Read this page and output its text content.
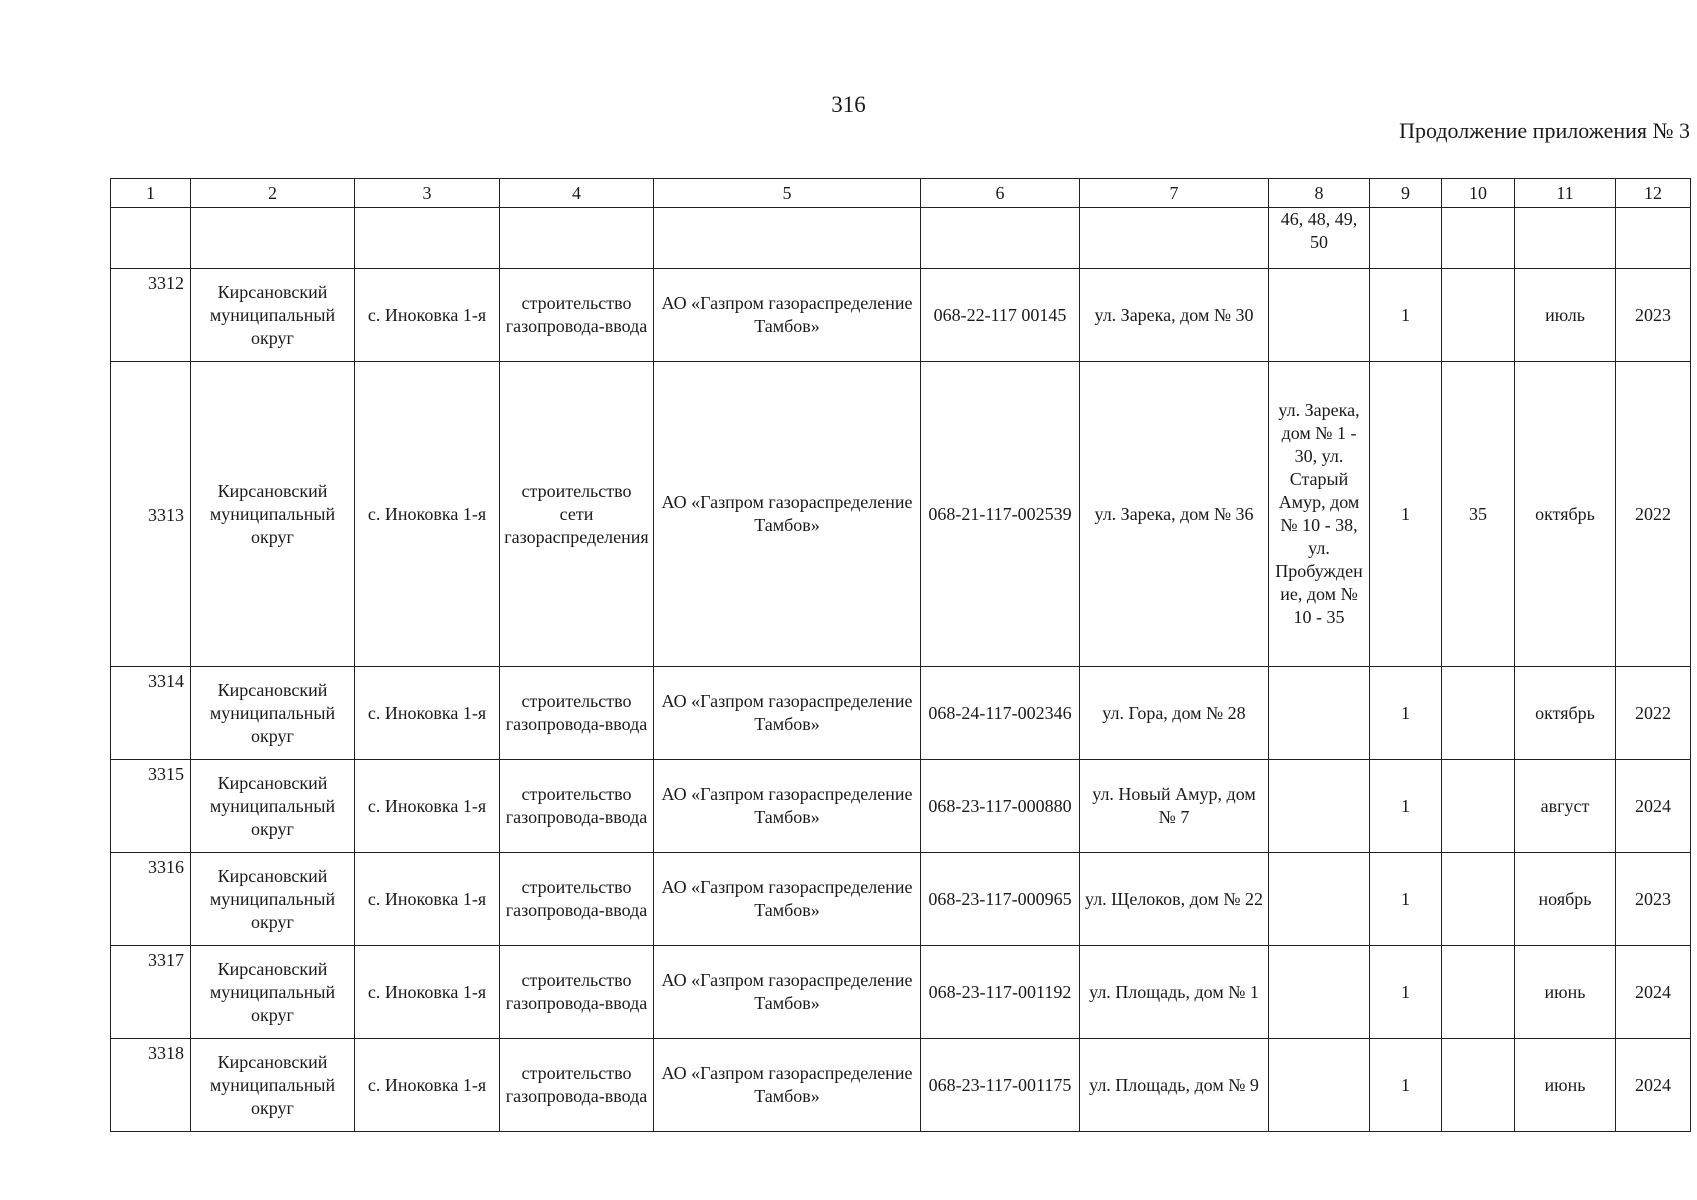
316
Продолжение приложения № 3
1	2	3	4	5	6	7	8	9	10	11	12
							46, 48, 49, 50				
3312	Кирсановский муниципальный округ	с. Иноковка 1-я	строительство газопровода-ввода	АО «Газпром газораспределение Тамбов»	068-22-117 00145	ул. Зарека, дом № 30		1		июль	2023
3313	Кирсановский муниципальный округ	с. Иноковка 1-я	строительство сети газораспределения	АО «Газпром газораспределение Тамбов»	068-21-117-002539	ул. Зарека, дом № 36	ул. Зарека, дом № 1 - 30, ул. Старый Амур, дом № 10 - 38, ул. Пробуждение, дом № 10 - 35	1	35	октябрь	2022
3314	Кирсановский муниципальный округ	с. Иноковка 1-я	строительство газопровода-ввода	АО «Газпром газораспределение Тамбов»	068-24-117-002346	ул. Гора, дом № 28		1		октябрь	2022
3315	Кирсановский муниципальный округ	с. Иноковка 1-я	строительство газопровода-ввода	АО «Газпром газораспределение Тамбов»	068-23-117-000880	ул. Новый Амур, дом № 7		1		август	2024
3316	Кирсановский муниципальный округ	с. Иноковка 1-я	строительство газопровода-ввода	АО «Газпром газораспределение Тамбов»	068-23-117-000965	ул. Щелоков, дом № 22		1		ноябрь	2023
3317	Кирсановский муниципальный округ	с. Иноковка 1-я	строительство газопровода-ввода	АО «Газпром газораспределение Тамбов»	068-23-117-001192	ул. Площадь, дом № 1		1		июнь	2024
3318	Кирсановский муниципальный округ	с. Иноковка 1-я	строительство газопровода-ввода	АО «Газпром газораспределение Тамбов»	068-23-117-001175	ул. Площадь, дом № 9		1		июнь	2024
